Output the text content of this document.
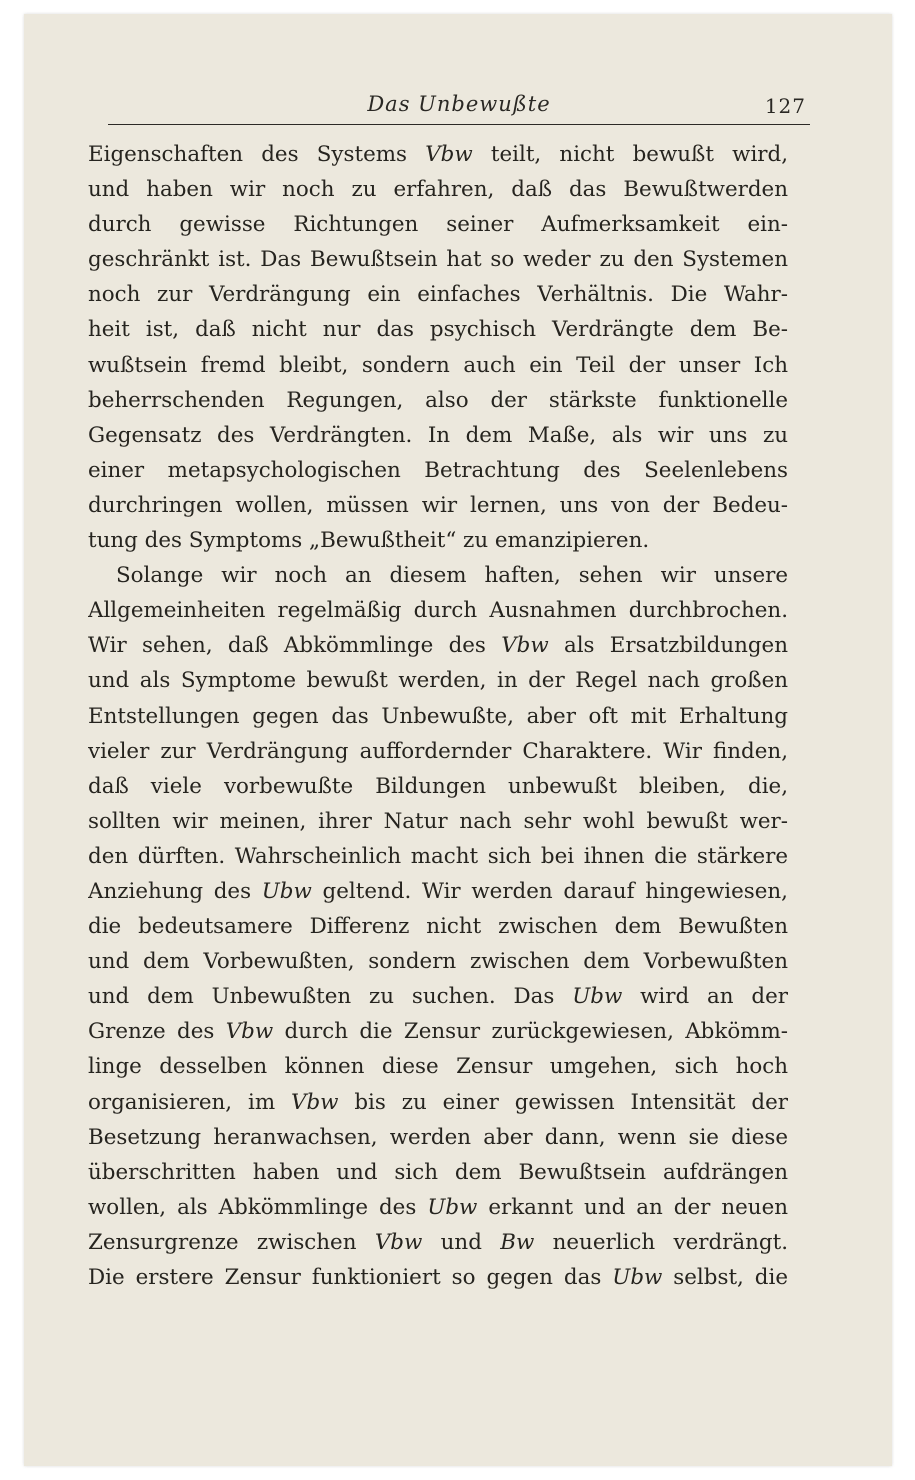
Das Unbewußte	127
Eigenschaften des Systems Vbw teilt, nicht bewußt wird,
und haben wir noch zu erfahren, daß das Bewußtwerden
durch gewisse Richtungen seiner Aufmerksamkeit ein-
geschränkt ist. Das Bewußtsein hat so weder zu den Systemen
noch zur Verdrängung ein einfaches Verhältnis. Die Wahr-
heit ist, daß nicht nur das psychisch Verdrängte dem Be-
wußtsein fremd bleibt, sondern auch ein Teil der unser Ich
beherrschenden Regungen, also der stärkste funktionelle
Gegensatz des Verdrängten. In dem Maße, als wir uns zu
einer metapsychologischen Betrachtung des Seelenlebens
durchringen wollen, müssen wir lernen, uns von der Bedeu-
tung des Symptoms „Bewußtheit“ zu emanzipieren.
Solange wir noch an diesem haften, sehen wir unsere
Allgemeinheiten regelmäßig durch Ausnahmen durchbrochen.
Wir sehen, daß Abkömmlinge des Vbw als Ersatzbildungen
und als Symptome bewußt werden, in der Regel nach großen
Entstellungen gegen das Unbewußte, aber oft mit Erhaltung
vieler zur Verdrängung auffordernder Charaktere. Wir finden,
daß viele vorbewußte Bildungen unbewußt bleiben, die,
sollten wir meinen, ihrer Natur nach sehr wohl bewußt wer-
den dürften. Wahrscheinlich macht sich bei ihnen die stärkere
Anziehung des Ubw geltend. Wir werden darauf hingewiesen,
die bedeutsamere Differenz nicht zwischen dem Bewußten
und dem Vorbewußten, sondern zwischen dem Vorbewußten
und dem Unbewußten zu suchen. Das Ubw wird an der
Grenze des Vbw durch die Zensur zurückgewiesen, Abkömm-
linge desselben können diese Zensur umgehen, sich hoch
organisieren, im Vbw bis zu einer gewissen Intensität der
Besetzung heranwachsen, werden aber dann, wenn sie diese
überschritten haben und sich dem Bewußtsein aufdrängen
wollen, als Abkömmlinge des Ubw erkannt und an der neuen
Zensurgrenze zwischen Vbw und Bw neuerlich verdrängt.
Die erstere Zensur funktioniert so gegen das Ubw selbst, die
